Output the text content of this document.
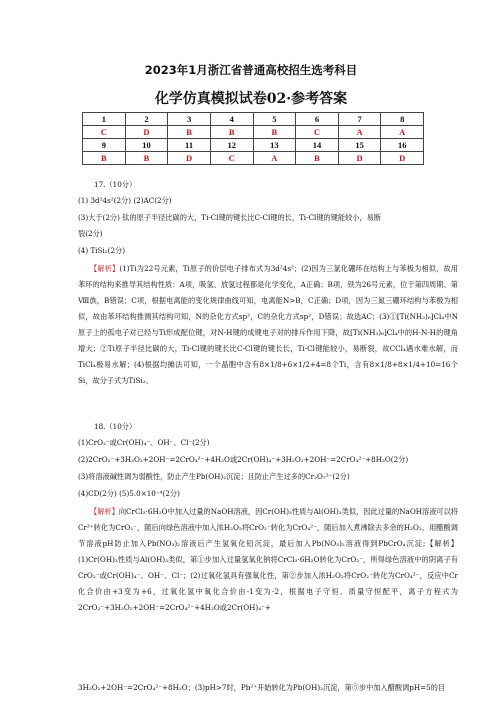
2023年1月浙江省普通高校招生选考科目
化学仿真模拟试卷02·参考答案
1	2	3	4	5	6	7	8
C	D	B	B	B	C	A	A
9	10	11	12	13	14	15	16
B	B	D	C	A	B	D	D
17.（10分）
(1) 3d²4s²(2分) (2)AC(2分)
(3)大于(2分) 钛的原子半径比碳的大，Ti-Cl键的键长比C-Cl键的长，Ti-Cl键的键能较小，易断
裂(2分)
(4) TiSi₂(2分)
【解析】(1)Ti为22号元素，Ti原子的价层电子排布式为3d²4s²；(2)因为三氯化硼环在结构上与苯极为相似，故用苯环的结构来推导其结构性质：A项，吸氢、放氢过程都是化学变化，A正确；B项，铁为26号元素，位于第四周期、第Ⅷ族，B错误；C项，根据电离能的变化规律曲线可知，电离能N>B，C正确；D项，因为三氮三硼环结构与苯极为相似，故由苯环结构推测其结构可知，N的杂化方式sp²，C的杂化方式sp²，D错误；故选AC；(3)①[Ti(NH₃)₆]Cl₄中N原子上的孤电子对已经与Ti形成配位键，对N-H键的成键电子对的排斥作用下降，故[Ti(NH₃)₆]Cl₄中的H-N-H的键角增大；②Ti原子半径比碳的大，Ti-Cl键的键长比C-Cl键的键长长，Ti-Cl键能较小，易断裂，故CCl₄遇水难水解，而TiCl₄极易水解；(4)根据均摊法可知，一个晶胞中含有8×1/8+6×1/2+4=8个Ti，含有8×1/8+8×1/4+10=16个Si，故分子式为TiSi₂。
18.（10分）
(1)CrO₂⁻或Cr(OH)₄⁻、OH⁻、Cl⁻(2分)
(2)2CrO₂⁻+3H₂O₂+2OH⁻=2CrO₄²⁻+4H₂O或2Cr(OH)₄⁻+3H₂O₂+2OH⁻=2CrO₄²⁻+8H₂O(2分)
(3)将溶液碱性调为弱酸性，防止产生Pb(OH)₂沉淀；且防止产生过多的Cr₂O₇²⁻(2分)
(4)CD(2分) (5)5.0×10⁻⁴(2分)
【解析】向CrCl₃·6H₂O中加入过量的NaOH溶液，因Cr(OH)₃性质与Al(OH)₃类似，因此过量的NaOH溶液可以将Cr³⁺转化为CrO₂⁻，随后向绿色溶液中加入浓H₂O₂将CrO₂⁻转化为CrO₄²⁻，随后加入煮沸除去多余的H₂O₂，用醋酸调节溶液pH防止加入Pb(NO₃)₂溶液后产生氢氧化铅沉淀，最后加入Pb(NO₃)₂溶液得到PbCrO₄沉淀;【解析】(1)Cr(OH)₃性质与Al(OH)₃类似，第①步加入过量氢氧化钠将CrCl₃·6H₂O转化为CrO₂⁻，所得绿色溶液中的阴离子有CrO₂⁻或Cr(OH)₄⁻、OH⁻、Cl⁻；(2)过氧化氢具有强氧化性，第②步加入浓H₂O₂将CrO₂⁻转化为CrO₄²⁻，反应中Cr化合价由+3变为+6，过氧化氢中氧化合价由-1变为-2，根据电子守恒、质量守恒配平，离子方程式为2CrO₂⁻+3H₂O₂+2OH⁻=2CrO₄²⁻+4H₂O或2Cr(OH)₄⁻+
3H₂O₂+2OH⁻=2CrO₄²⁻+8H₂O；(3)pH>7时，Pb²⁺开始转化为Pb(OH)₂沉淀，第⑤步中加入醋酸调pH=5的目
